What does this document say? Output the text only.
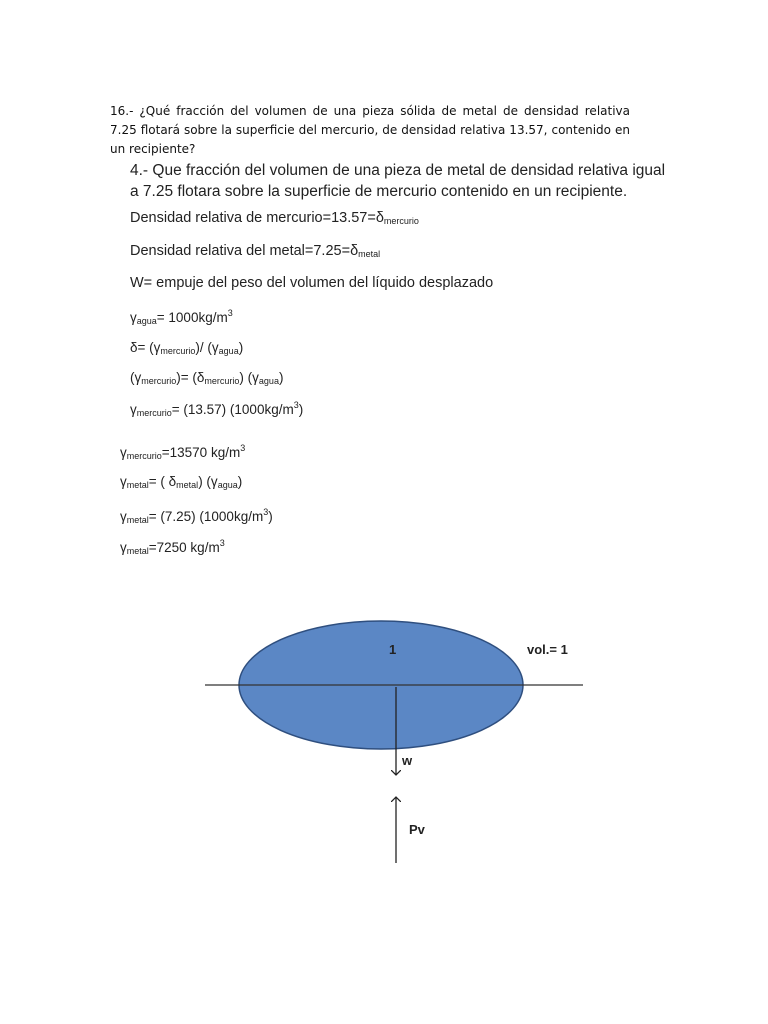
16.- ¿Qué fracción del volumen de una pieza sólida de metal de densidad relativa 7.25 flotará sobre la superficie del mercurio, de densidad relativa 13.57, contenido en un recipiente?
4.- Que fracción del volumen de una pieza de metal de densidad relativa igual a 7.25 flotara sobre la superficie de mercurio contenido en un recipiente.
Densidad relativa de $mercurio=13.57=\delta_{mercurio}$
Densidad relativa del $metal=7.25=\delta_{metal}$
W= empuje del peso del volumen del líquido desplazado
$\gamma_{agua}= 1000kg/m^3$
$\delta= (\gamma_{mercurio})/$ $(\gamma_{agua})$
$(\gamma_{mercurio})= (\delta_{mercurio})$ $(\gamma_{agua})$
$\gamma_{mercurio}= (13.57)$ $(1000kg/m^3)$
$\gamma_{mercurio}=13570$ $kg/m^3$
$\gamma_{metal}=$ ( $\delta_{metal}$) $(\gamma_{agua})$
$\gamma_{metal}= (7.25)$ $(1000kg/m^3)$
$\gamma_{metal}=7250$ $kg/m^3$
1	vol.= 1
w
Pv
